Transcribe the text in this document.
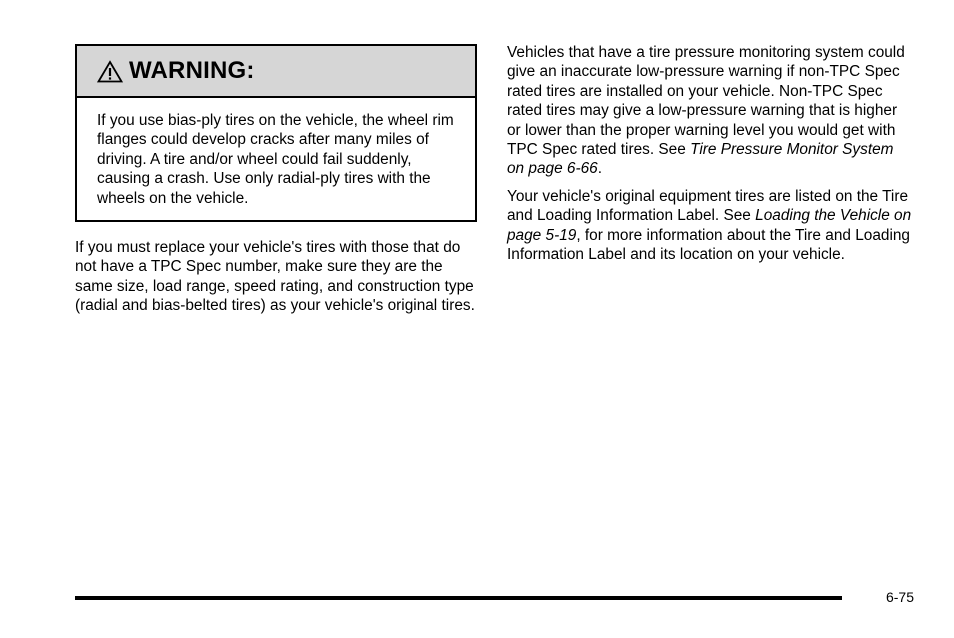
WARNING:
If you use bias-ply tires on the vehicle, the wheel rim flanges could develop cracks after many miles of driving. A tire and/or wheel could fail suddenly, causing a crash. Use only radial-ply tires with the wheels on the vehicle.

If you must replace your vehicle's tires with those that do not have a TPC Spec number, make sure they are the same size, load range, speed rating, and construction type (radial and bias-belted tires) as your vehicle's original tires.

Vehicles that have a tire pressure monitoring system could give an inaccurate low-pressure warning if non-TPC Spec rated tires are installed on your vehicle. Non-TPC Spec rated tires may give a low-pressure warning that is higher or lower than the proper warning level you would get with TPC Spec rated tires. See Tire Pressure Monitor System on page 6-66.

Your vehicle's original equipment tires are listed on the Tire and Loading Information Label. See Loading the Vehicle on page 5-19, for more information about the Tire and Loading Information Label and its location on your vehicle.

6-75
